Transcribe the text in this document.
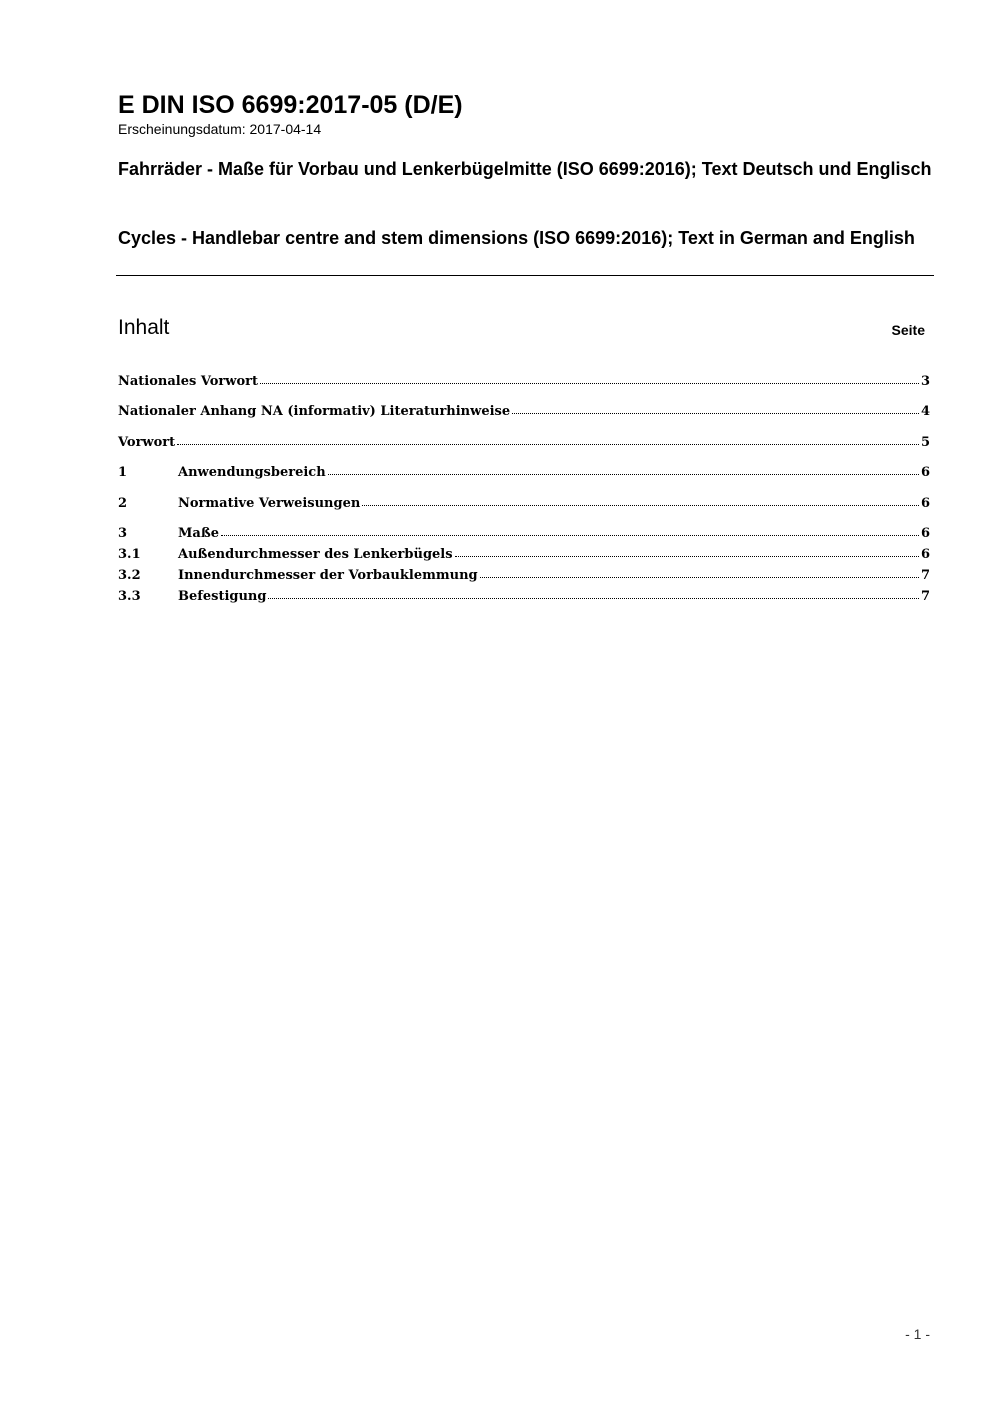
E DIN ISO 6699:2017-05 (D/E)
Erscheinungsdatum: 2017-04-14
Fahrräder - Maße für Vorbau und Lenkerbügelmitte (ISO 6699:2016); Text Deutsch und Englisch
Cycles - Handlebar centre and stem dimensions (ISO 6699:2016); Text in German and English
Inhalt	Seite
Nationales Vorwort	3
Nationaler Anhang NA (informativ) Literaturhinweise	4
Vorwort	5
1	Anwendungsbereich	6
2	Normative Verweisungen	6
3	Maße	6
3.1	Außendurchmesser des Lenkerbügels	6
3.2	Innendurchmesser der Vorbauklemmung	7
3.3	Befestigung	7
- 1 -
